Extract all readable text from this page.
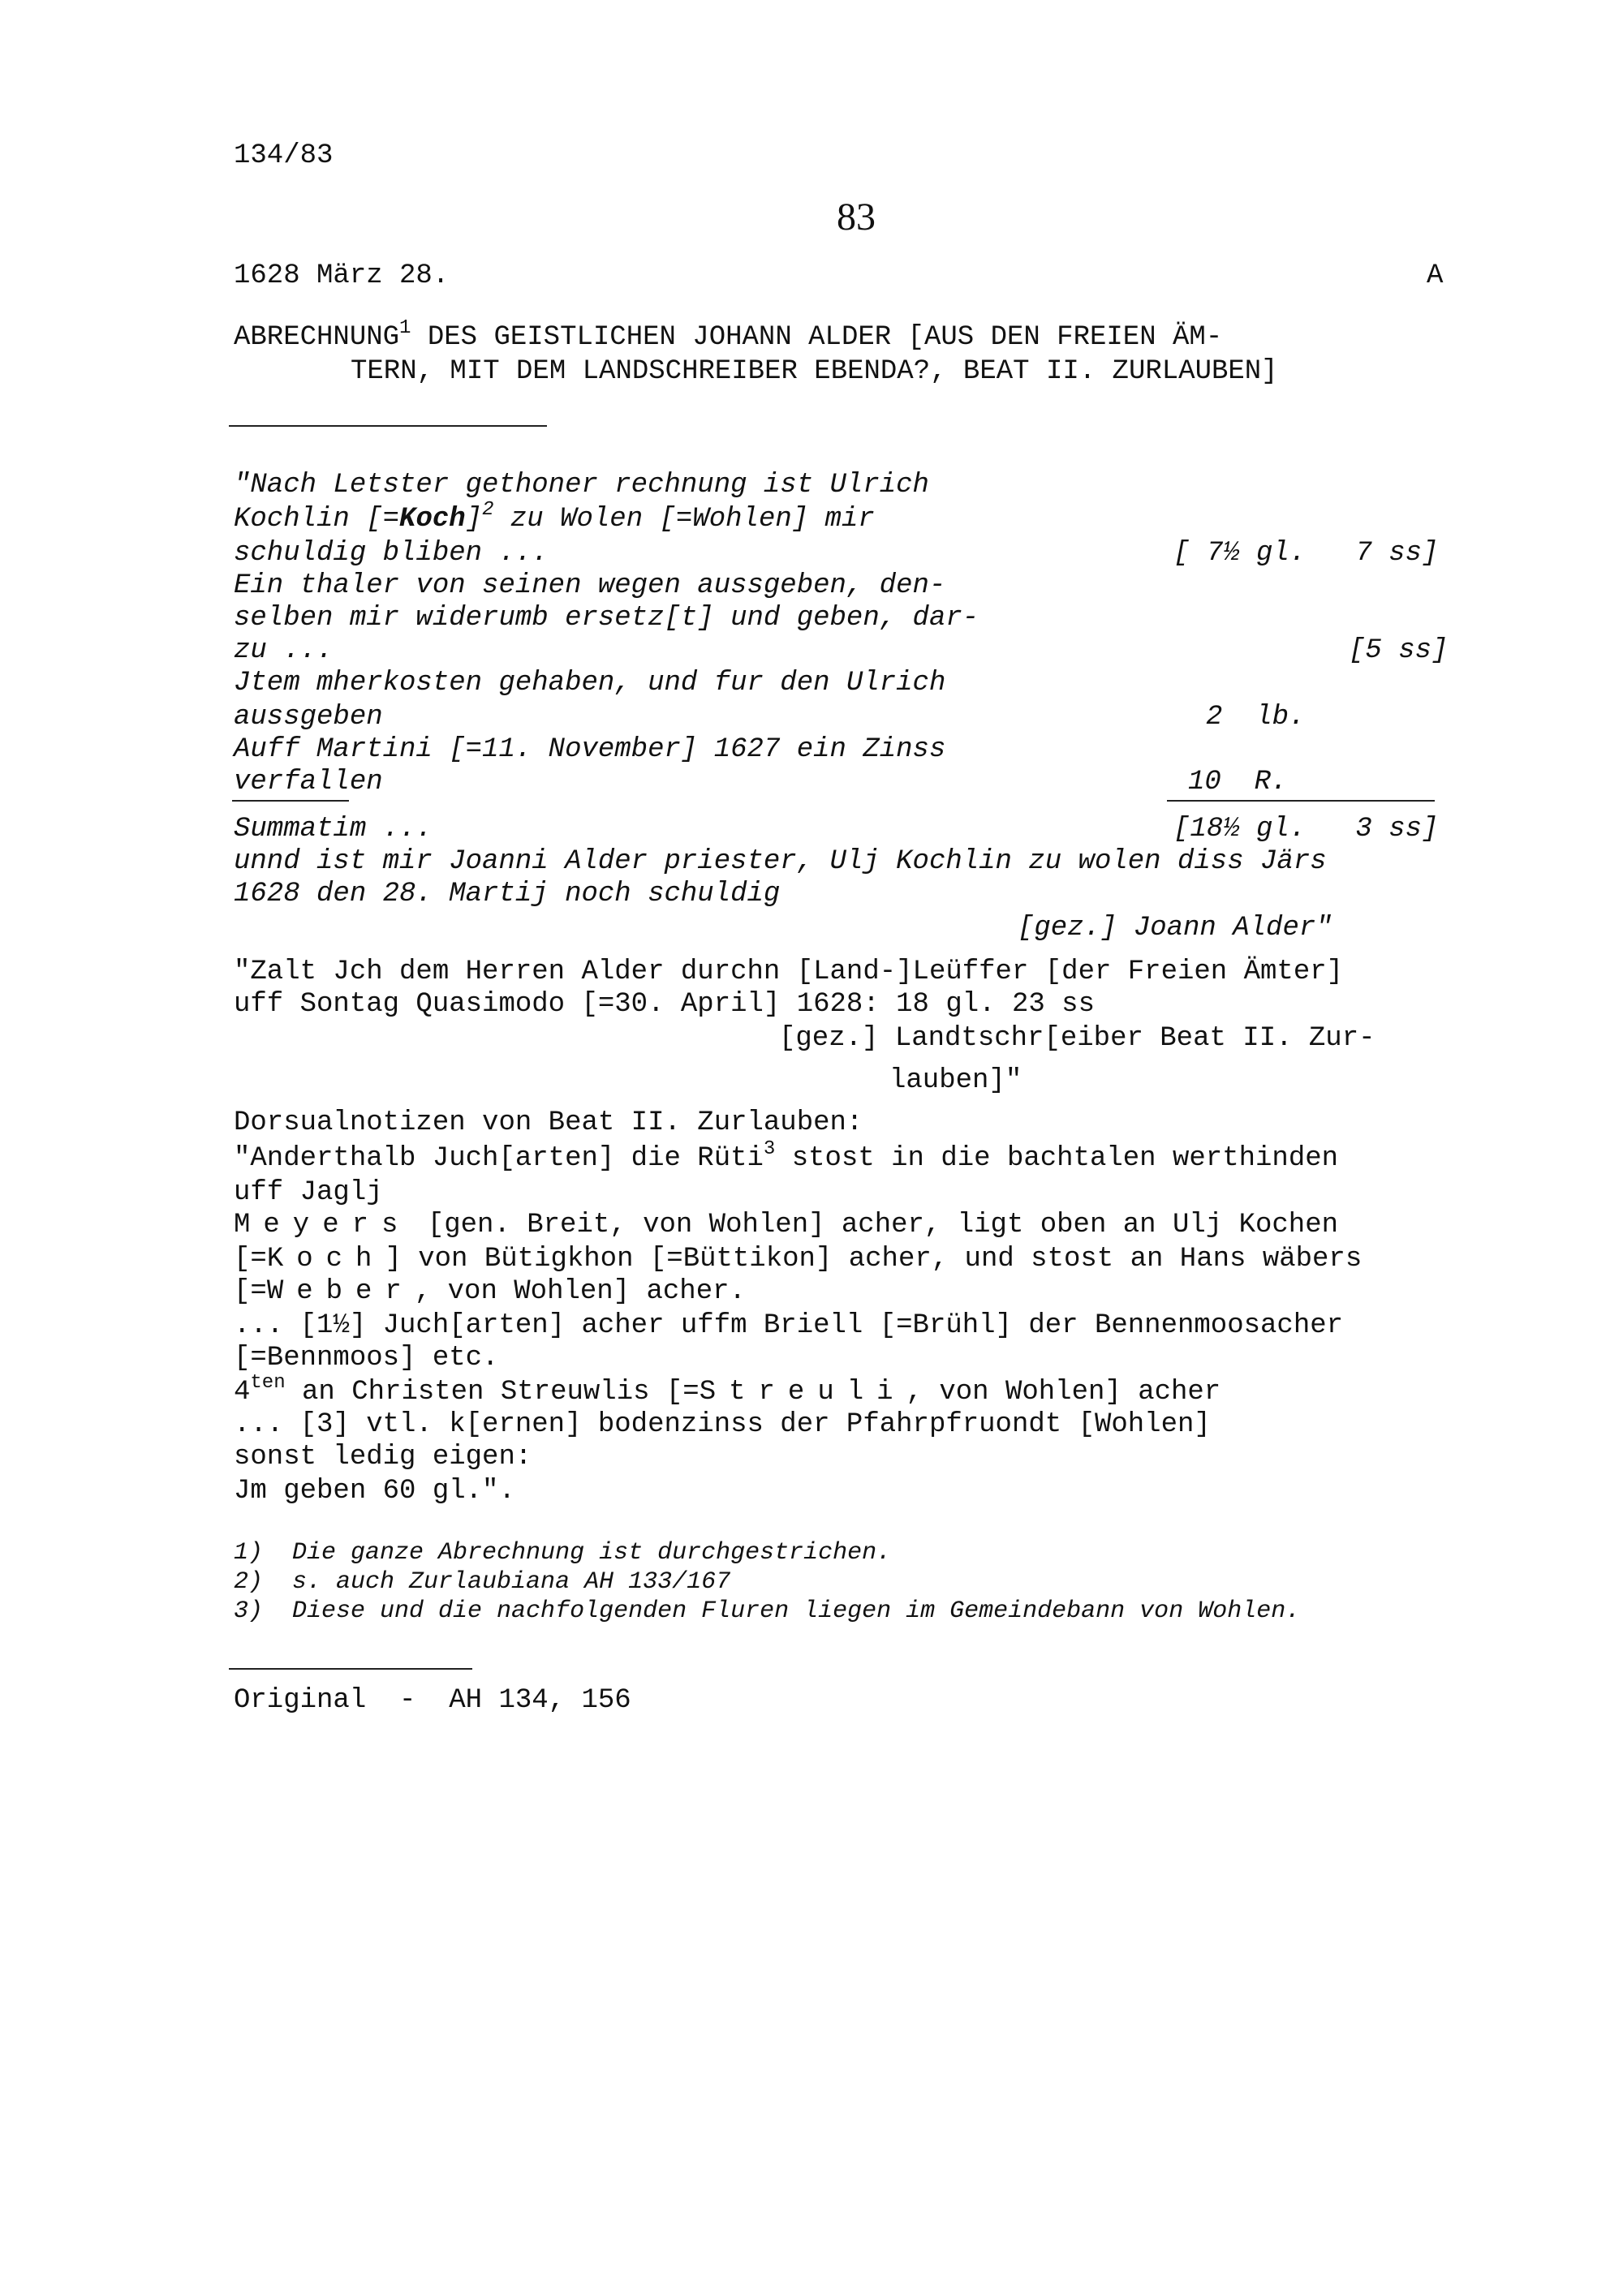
134/83
83
1628 März 28.	A
ABRECHNUNG$^1$ DES GEISTLICHEN JOHANN ALDER [AUS DEN FREIEN ÄM-
TERN, MIT DEM LANDSCHREIBER EBENDA?, BEAT II. ZURLAUBEN]
"Nach Letster gethoner rechnung ist Ulrich
Kochlin [=Koch]$^2$ zu Wolen [=Wohlen] mir
schuldig bliben ...	[ 7½ gl.   7 ss]
Ein thaler von seinen wegen aussgeben, den-
selben mir widerumb ersetz[t] und geben, dar-
zu ...	[5 ss]
Jtem mherkosten gehaben, und fur den Ulrich
aussgeben	2  lb.
Auff Martini [=11. November] 1627 ein Zinss
verfallen	10  R.
Summatim ...	[18½ gl.   3 ss]
unnd ist mir Joanni Alder priester, Ulj Kochlin zu wolen diss Järs
1628 den 28. Martij noch schuldig
[gez.] Joann Alder"
"Zalt Jch dem Herren Alder durchn [Land-]Leüffer [der Freien Ämter]
uff Sontag Quasimodo [=30. April] 1628: 18 gl. 23 ss
[gez.] Landtschr[eiber Beat II. Zur-
lauben]"
Dorsualnotizen von Beat II. Zurlauben:
"Anderthalb Juch[arten] die Rüti$^3$ stost in die bachtalen werthinden
uff Jaglj
Meyers [gen. Breit, von Wohlen] acher, ligt oben an Ulj Kochen
[=Koch] von Bütigkhon [=Büttikon] acher, und stost an Hans wäbers
[=Weber, von Wohlen] acher.
... [1½] Juch[arten] acher uffm Briell [=Brühl] der Bennenmoosacher
[=Bennmoos] etc.
$4^{ten}$ an Christen Streuwlis [=Streuli, von Wohlen] acher
... [3] vtl. k[ernen] bodenzinss der Pfahrpfruondt [Wohlen]
sonst ledig eigen:
Jm geben 60 gl.".
1)  Die ganze Abrechnung ist durchgestrichen.
2)  s. auch Zurlaubiana AH 133/167
3)  Diese und die nachfolgenden Fluren liegen im Gemeindebann von Wohlen.
Original  -  AH 134, 156
